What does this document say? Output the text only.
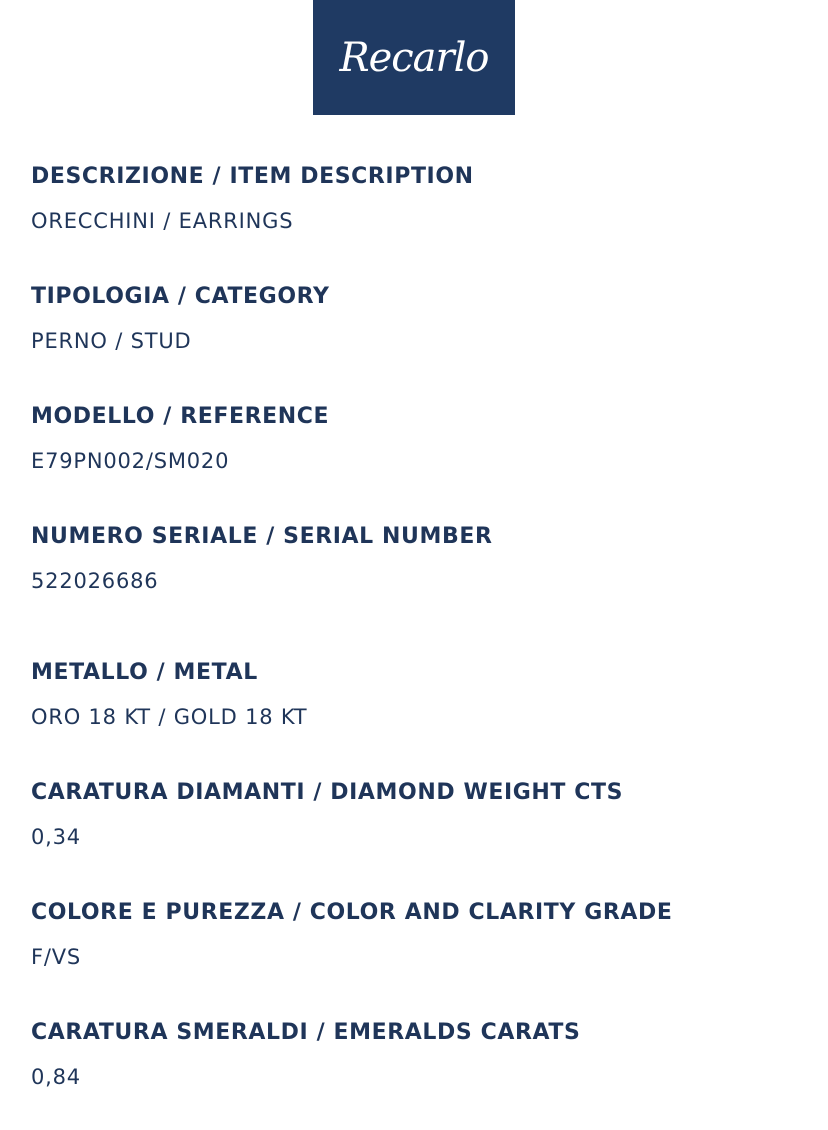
Recarlo
DESCRIZIONE / ITEM DESCRIPTION
ORECCHINI / EARRINGS
TIPOLOGIA / CATEGORY
PERNO / STUD
MODELLO / REFERENCE
E79PN002/SM020
NUMERO SERIALE / SERIAL NUMBER
522026686
METALLO / METAL
ORO 18 KT / GOLD 18 KT
CARATURA DIAMANTI / DIAMOND WEIGHT CTS
0,34
COLORE E PUREZZA / COLOR AND CLARITY GRADE
F/VS
CARATURA SMERALDI / EMERALDS CARATS
0,84
